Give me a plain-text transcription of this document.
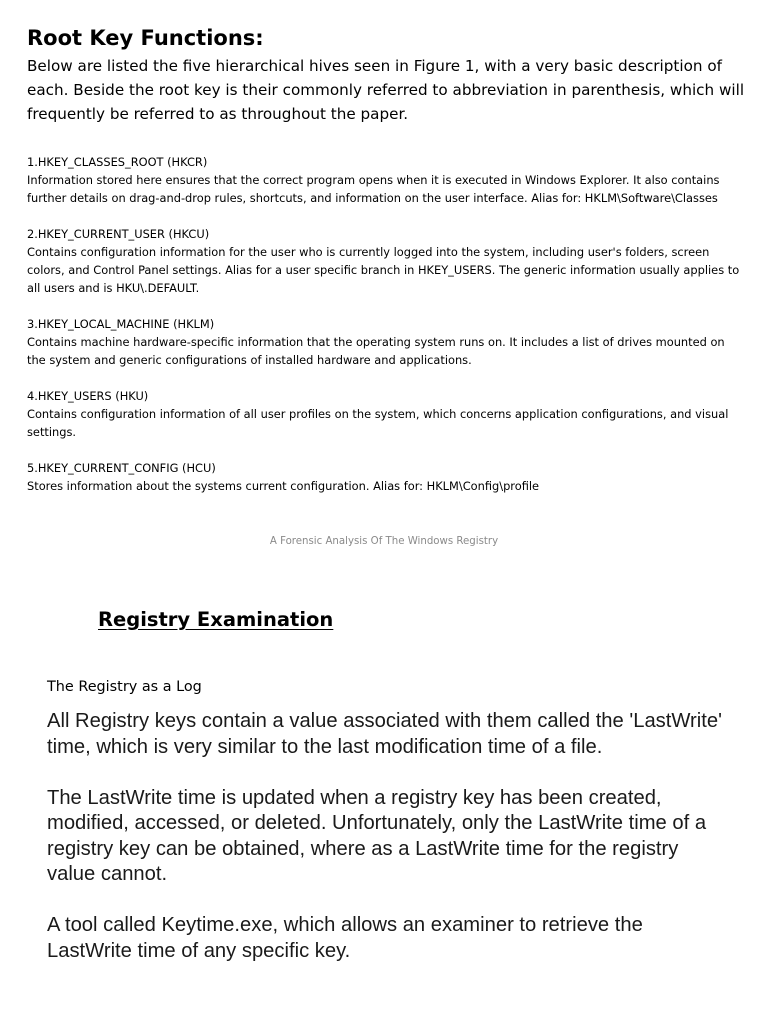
Root Key Functions:
Below are listed the five hierarchical hives seen in Figure 1, with a very basic description of each. Beside the root key is their commonly referred to abbreviation in parenthesis, which will frequently be referred to as throughout the paper.

1.HKEY_CLASSES_ROOT (HKCR)

Information stored here ensures that the correct program opens when it is executed in Windows Explorer. It also contains further details on drag-and-drop rules, shortcuts, and information on the user interface. Alias for: HKLM\Software\Classes

2.HKEY_CURRENT_USER (HKCU)

Contains configuration information for the user who is currently logged into the system, including user's folders, screen colors, and Control Panel settings. Alias for a user specific branch in HKEY_USERS. The generic information usually applies to all users and is HKU\.DEFAULT.

3.HKEY_LOCAL_MACHINE (HKLM)

Contains machine hardware-specific information that the operating system runs on. It includes a list of drives mounted on the system and generic configurations of installed hardware and applications.

4.HKEY_USERS (HKU)

Contains configuration information of all user profiles on the system, which concerns application configurations, and visual settings.

5.HKEY_CURRENT_CONFIG (HCU)

Stores information about the systems current configuration. Alias for: HKLM\Config\profile

A Forensic Analysis Of The Windows Registry
Registry Examination
The Registry as a Log

All Registry keys contain a value associated with them called the 'LastWrite' time, which is very similar to the last modification time of a file.

The LastWrite time is updated when a registry key has been created, modified, accessed, or deleted. Unfortunately, only the LastWrite time of a registry key can be obtained, where as a LastWrite time for the registry value cannot.

A tool called Keytime.exe, which allows an examiner to retrieve the LastWrite time of any specific key.
